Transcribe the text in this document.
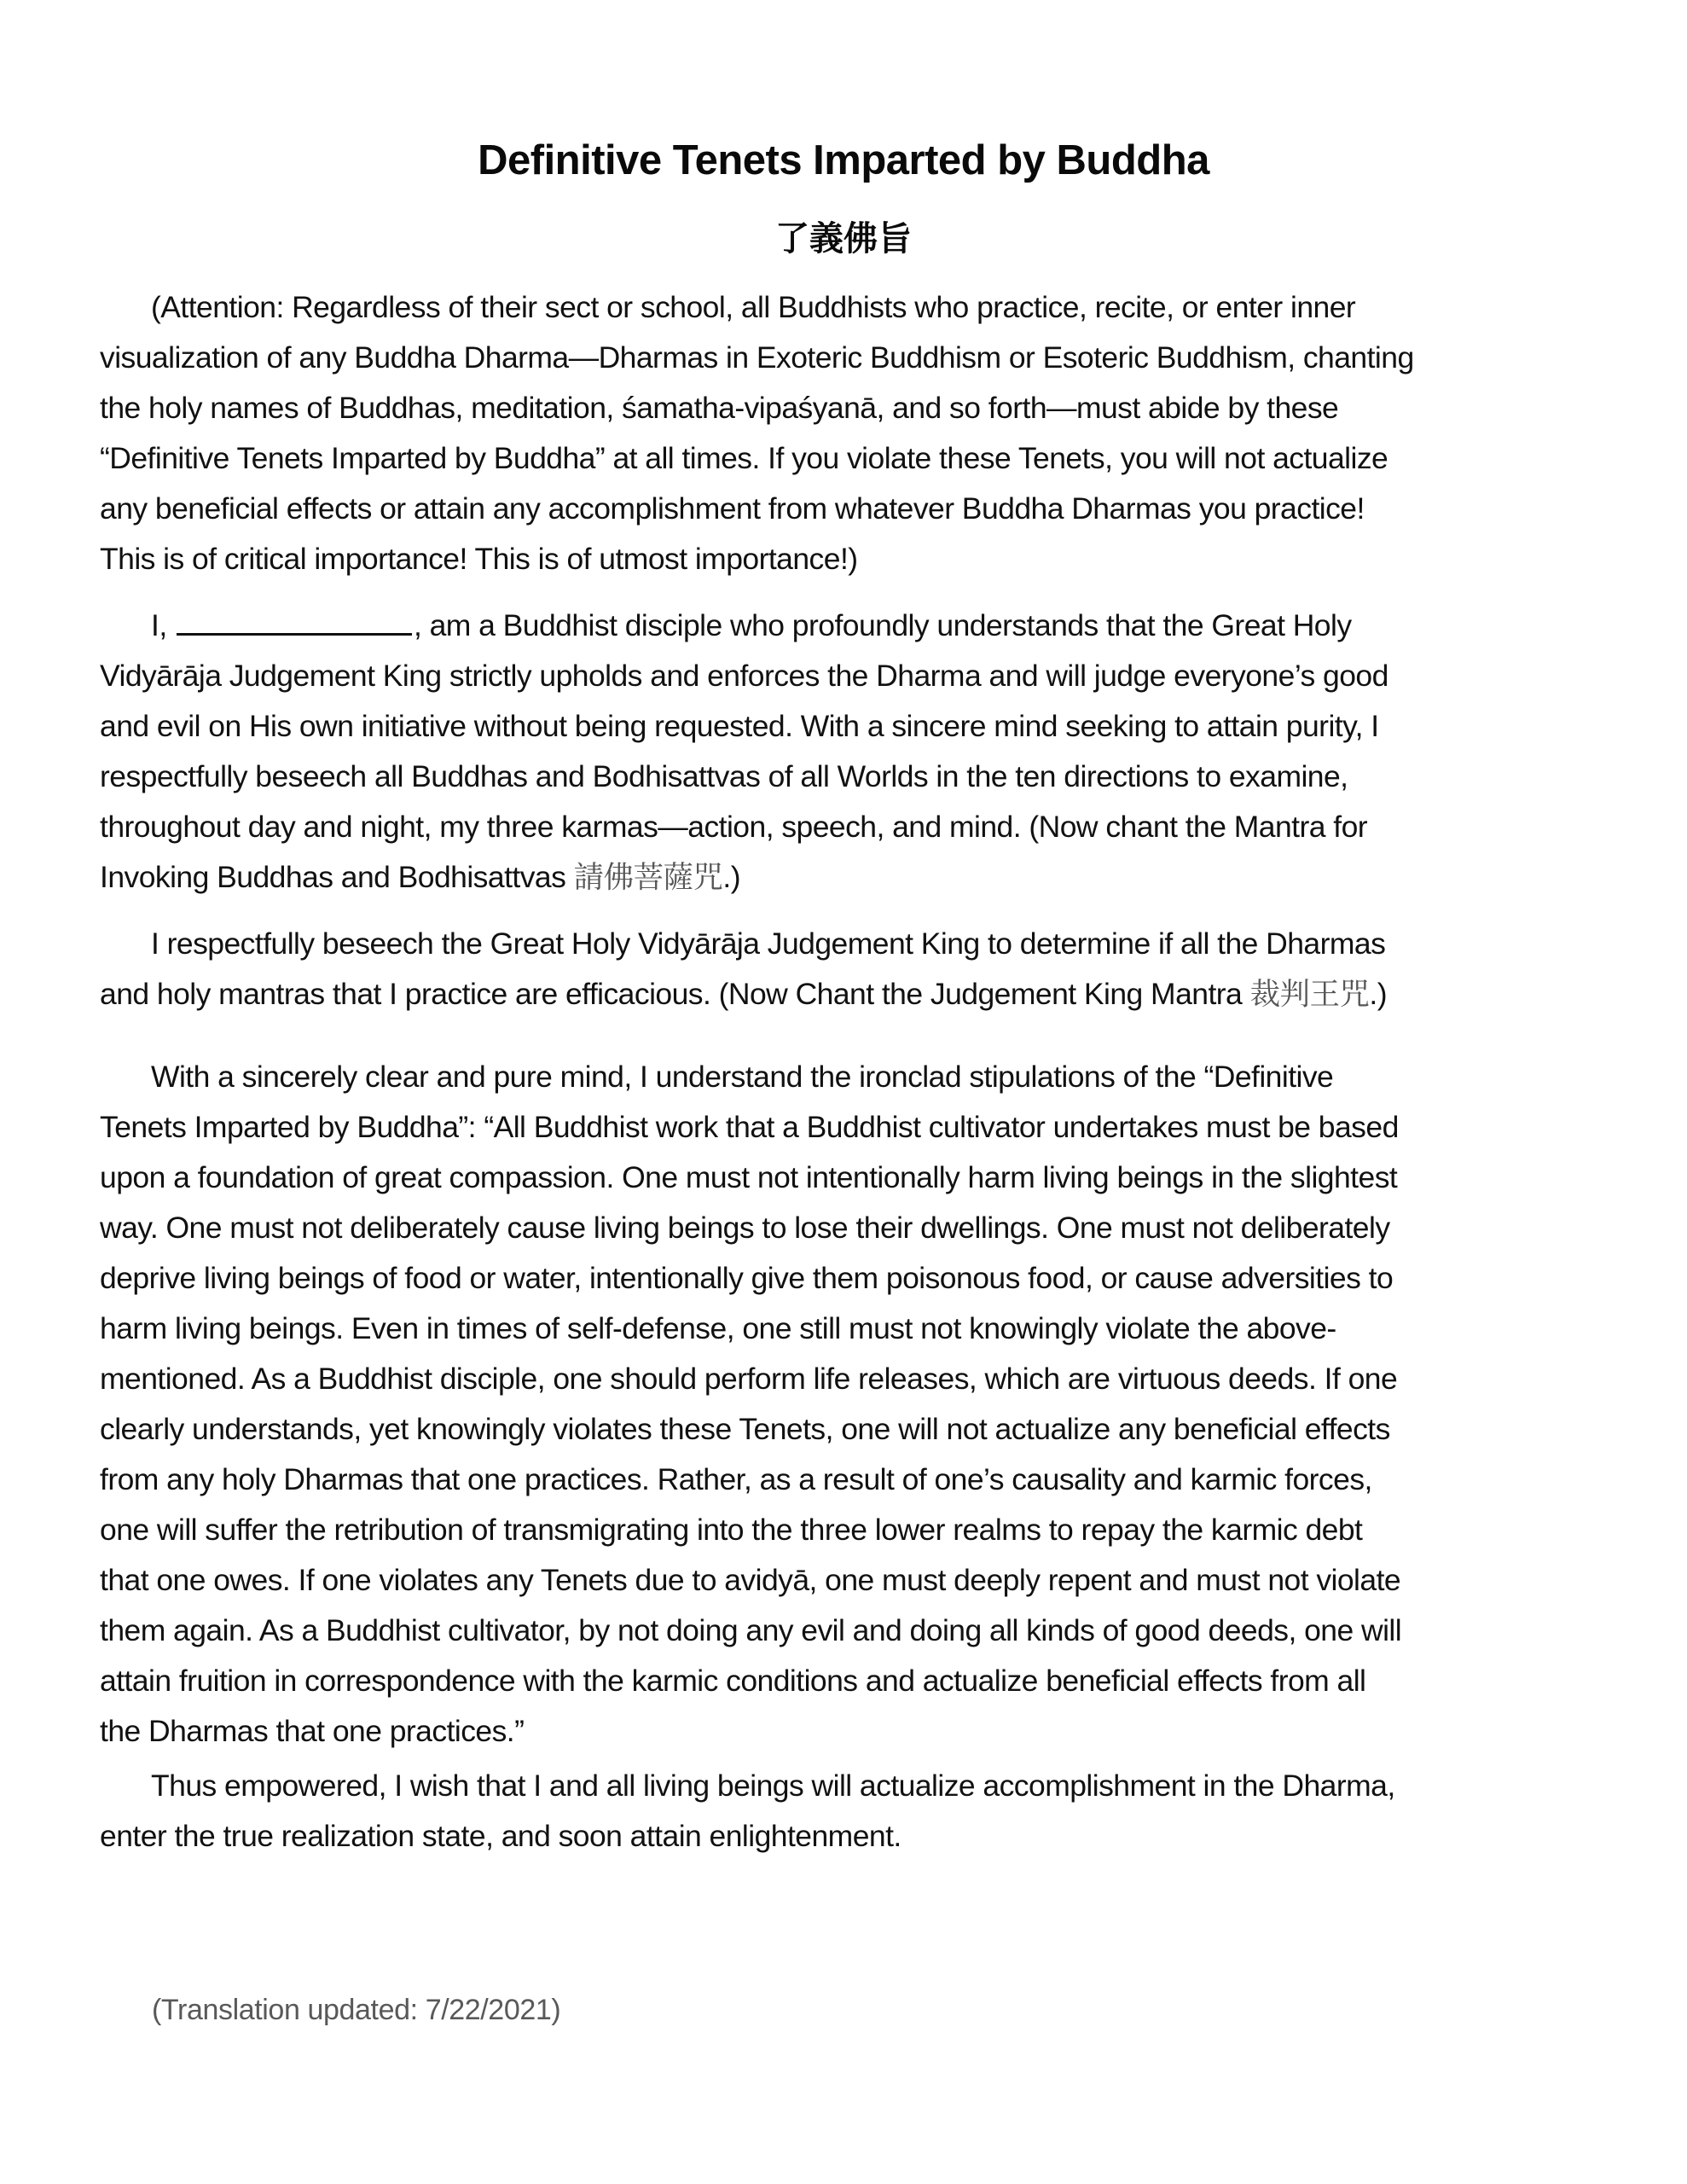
Definitive Tenets Imparted by Buddha
了義佛旨
(Attention: Regardless of their sect or school, all Buddhists who practice, recite, or enter inner
visualization of any Buddha Dharma—Dharmas in Exoteric Buddhism or Esoteric Buddhism, chanting
the holy names of Buddhas, meditation, śamatha-vipaśyanā, and so forth—must abide by these
“Definitive Tenets Imparted by Buddha” at all times. If you violate these Tenets, you will not actualize
any beneficial effects or attain any accomplishment from whatever Buddha Dharmas you practice!
This is of critical importance! This is of utmost importance!)
I,	, am a Buddhist disciple who profoundly understands that the Great Holy
Vidyārāja Judgement King strictly upholds and enforces the Dharma and will judge everyone’s good
and evil on His own initiative without being requested. With a sincere mind seeking to attain purity, I
respectfully beseech all Buddhas and Bodhisattvas of all Worlds in the ten directions to examine,
throughout day and night, my three karmas—action, speech, and mind. (Now chant the Mantra for
Invoking Buddhas and Bodhisattvas 請佛菩薩咒.)
I respectfully beseech the Great Holy Vidyārāja Judgement King to determine if all the Dharmas
and holy mantras that I practice are efficacious. (Now Chant the Judgement King Mantra 裁判王咒.)
With a sincerely clear and pure mind, I understand the ironclad stipulations of the “Definitive
Tenets Imparted by Buddha”: “All Buddhist work that a Buddhist cultivator undertakes must be based
upon a foundation of great compassion. One must not intentionally harm living beings in the slightest
way. One must not deliberately cause living beings to lose their dwellings. One must not deliberately
deprive living beings of food or water, intentionally give them poisonous food, or cause adversities to
harm living beings. Even in times of self-defense, one still must not knowingly violate the above-
mentioned. As a Buddhist disciple, one should perform life releases, which are virtuous deeds. If one
clearly understands, yet knowingly violates these Tenets, one will not actualize any beneficial effects
from any holy Dharmas that one practices. Rather, as a result of one’s causality and karmic forces,
one will suffer the retribution of transmigrating into the three lower realms to repay the karmic debt
that one owes. If one violates any Tenets due to avidyā, one must deeply repent and must not violate
them again. As a Buddhist cultivator, by not doing any evil and doing all kinds of good deeds, one will
attain fruition in correspondence with the karmic conditions and actualize beneficial effects from all
the Dharmas that one practices.”
Thus empowered, I wish that I and all living beings will actualize accomplishment in the Dharma,
enter the true realization state, and soon attain enlightenment.

(Translation updated: 7/22/2021)
